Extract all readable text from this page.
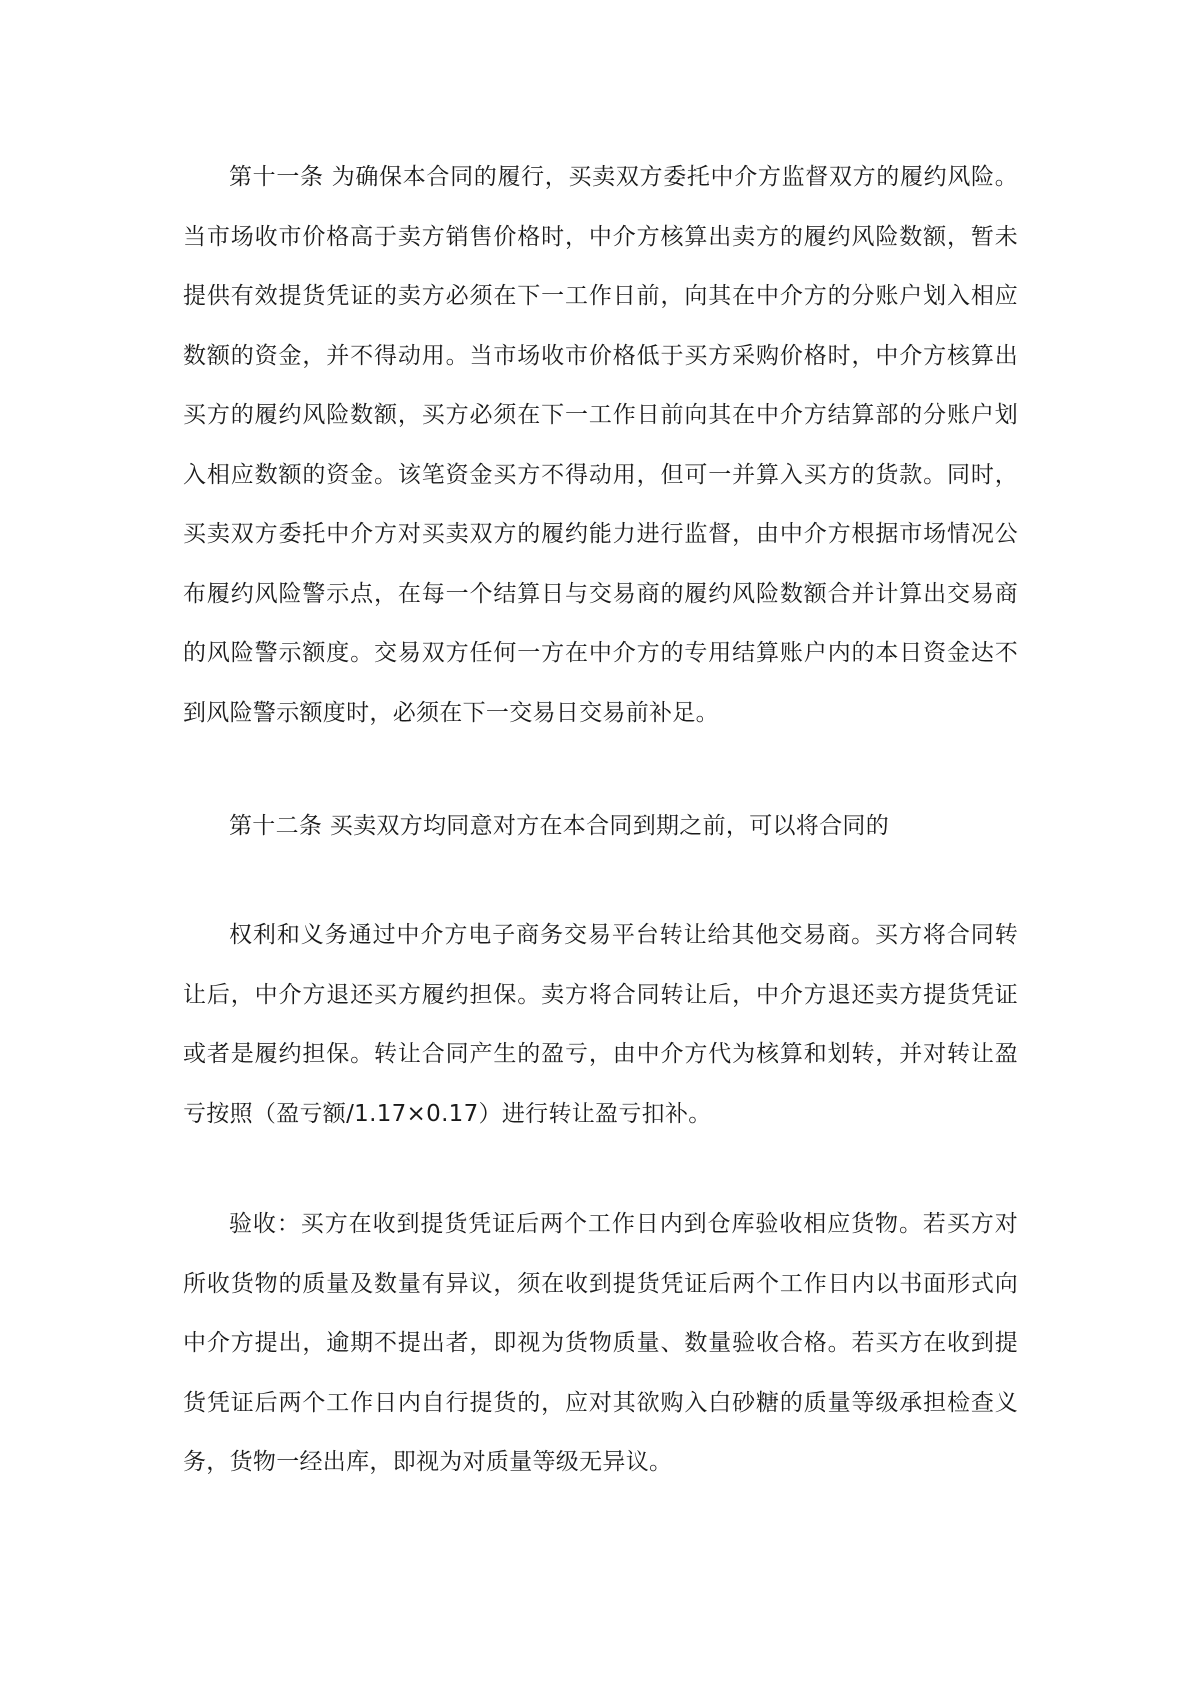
第十一条 为确保本合同的履行，买卖双方委托中介方监督双方的履约风险。当市场收市价格高于卖方销售价格时，中介方核算出卖方的履约风险数额，暂未提供有效提货凭证的卖方必须在下一工作日前，向其在中介方的分账户划入相应数额的资金，并不得动用。当市场收市价格低于买方采购价格时，中介方核算出买方的履约风险数额，买方必须在下一工作日前向其在中介方结算部的分账户划入相应数额的资金。该笔资金买方不得动用，但可一并算入买方的货款。同时，买卖双方委托中介方对买卖双方的履约能力进行监督，由中介方根据市场情况公布履约风险警示点，在每一个结算日与交易商的履约风险数额合并计算出交易商的风险警示额度。交易双方任何一方在中介方的专用结算账户内的本日资金达不到风险警示额度时，必须在下一交易日交易前补足。

第十二条 买卖双方均同意对方在本合同到期之前，可以将合同的

权利和义务通过中介方电子商务交易平台转让给其他交易商。买方将合同转让后，中介方退还买方履约担保。卖方将合同转让后，中介方退还卖方提货凭证或者是履约担保。转让合同产生的盈亏，由中介方代为核算和划转，并对转让盈亏按照（盈亏额/1.17×0.17）进行转让盈亏扣补。

验收：买方在收到提货凭证后两个工作日内到仓库验收相应货物。若买方对所收货物的质量及数量有异议，须在收到提货凭证后两个工作日内以书面形式向中介方提出，逾期不提出者，即视为货物质量、数量验收合格。若买方在收到提货凭证后两个工作日内自行提货的，应对其欲购入白砂糖的质量等级承担检查义务，货物一经出库，即视为对质量等级无异议。
